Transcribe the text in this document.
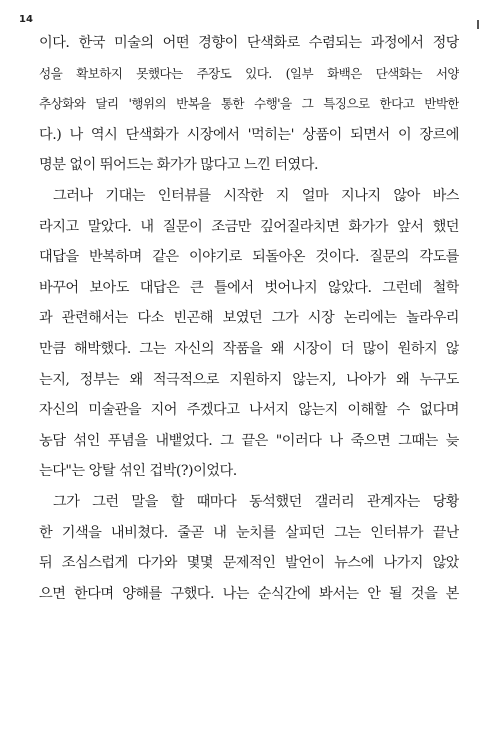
14
이다. 한국 미술의 어떤 경향이 단색화로 수렴되는 과정에서 정당
성을 확보하지 못했다는 주장도 있다. (일부 화백은 단색화는 서양
추상화와 달리 '행위의 반복을 통한 수행'을 그 특징으로 한다고 반박한
다.) 나 역시 단색화가 시장에서 '먹히는' 상품이 되면서 이 장르에
명분 없이 뛰어드는 화가가 많다고 느낀 터였다.
그러나 기대는 인터뷰를 시작한 지 얼마 지나지 않아 바스
라지고 말았다. 내 질문이 조금만 깊어질라치면 화가가 앞서 했던
대답을 반복하며 같은 이야기로 되돌아온 것이다. 질문의 각도를
바꾸어 보아도 대답은 큰 틀에서 벗어나지 않았다. 그런데 철학
과 관련해서는 다소 빈곤해 보였던 그가 시장 논리에는 놀라우리
만큼 해박했다. 그는 자신의 작품을 왜 시장이 더 많이 원하지 않
는지, 정부는 왜 적극적으로 지원하지 않는지, 나아가 왜 누구도
자신의 미술관을 지어 주겠다고 나서지 않는지 이해할 수 없다며
농담 섞인 푸념을 내뱉었다. 그 끝은 "이러다 나 죽으면 그때는 늦
는다"는 앙탈 섞인 겁박(?)이었다.
그가 그런 말을 할 때마다 동석했던 갤러리 관계자는 당황
한 기색을 내비쳤다. 줄곧 내 눈치를 살피던 그는 인터뷰가 끝난
뒤 조심스럽게 다가와 몇몇 문제적인 발언이 뉴스에 나가지 않았
으면 한다며 양해를 구했다. 나는 순식간에 봐서는 안 될 것을 본
